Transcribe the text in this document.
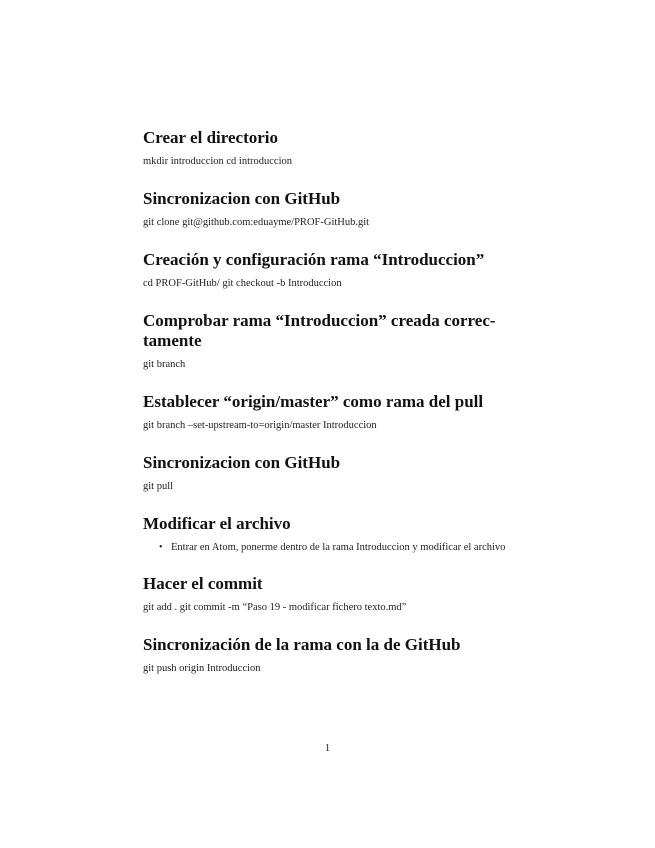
Crear el directorio

mkdir introduccion cd introduccion

Sincronizacion con GitHub

git clone git@github.com:eduayme/PROF-GitHub.git

Creación y configuración rama “Introduccion”

cd PROF-GitHub/ git checkout -b Introduccion

Comprobar rama “Introduccion” creada correc-
tamente

git branch

Establecer “origin/master” como rama del pull

git branch –set-upstream-to=origin/master Introduccion

Sincronizacion con GitHub

git pull

Modificar el archivo
• Entrar en Atom, ponerme dentro de la rama Introduccion y modificar el archivo
Hacer el commit

git add . git commit -m “Paso 19 - modificar fichero texto.md”

Sincronización de la rama con la de GitHub

git push origin Introduccion

1
